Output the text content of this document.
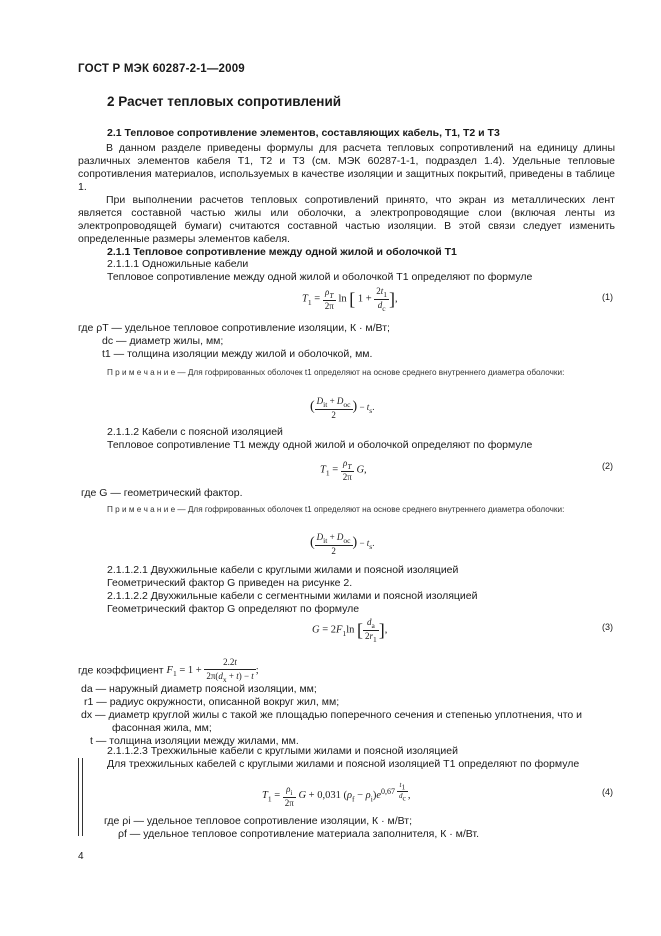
ГОСТ Р МЭК 60287-2-1—2009
2 Расчет тепловых сопротивлений
2.1 Тепловое сопротивление элементов, составляющих кабель, T1, T2 и T3
В данном разделе приведены формулы для расчета тепловых сопротивлений на единицу длины различных элементов кабеля T1, T2 и T3 (см. МЭК 60287-1-1, подраздел 1.4). Удельные тепловые сопротивления материалов, используемых в качестве изоляции и защитных покрытий, приведены в таблице 1.
При выполнении расчетов тепловых сопротивлений принято, что экран из металлических лент является составной частью жилы или оболочки, а электропроводящие слои (включая ленты из электропроводящей бумаги) считаются составной частью изоляции. В этой связи следует изменить определенные размеры элементов кабеля.
2.1.1 Тепловое сопротивление между одной жилой и оболочкой T1
2.1.1.1 Одножильные кабели
Тепловое сопротивление между одной жилой и оболочкой T1 определяют по формуле
$T_1 = \frac{\rho_T}{2\pi}$ ln [ $1 + \frac{2t_1}{d_c}$ ],	(1)
где ρT — удельное тепловое сопротивление изоляции, К · м/Вт;
dc — диаметр жилы, мм;
t1 — толщина изоляции между жилой и оболочкой, мм.
П р и м е ч а н и е — Для гофрированных оболочек t1 определяют на основе среднего внутреннего диаметра оболочки:
( $\frac{D_{it} + D_{oc}}{2}$ ) − $t_s$.
2.1.1.2 Кабели с поясной изоляцией
Тепловое сопротивление T1 между одной жилой и оболочкой определяют по формуле
$T_1 = \frac{\rho_T}{2\pi} G$,	(2)
где G — геометрический фактор.
П р и м е ч а н и е — Для гофрированных оболочек t1 определяют на основе среднего внутреннего диаметра оболочки:
( $\frac{D_{it} + D_{oc}}{2}$ ) − $t_s$.
2.1.1.2.1 Двухжильные кабели с круглыми жилами и поясной изоляцией
Геометрический фактор G приведен на рисунке 2.
2.1.1.2.2 Двухжильные кабели с сегментными жилами и поясной изоляцией
Геометрический фактор G определяют по формуле
$G = 2F_1\ln$ [ $\frac{d_a}{2r_1}$ ],	(3)
где коэффициент $F_1 = 1 + \frac{2.2t}{2\pi(d_x + t) - t}$ ;
da — наружный диаметр поясной изоляции, мм;
r1 — радиус окружности, описанной вокруг жил, мм;
dx — диаметр круглой жилы с такой же площадью поперечного сечения и степенью уплотнения, что и
фасонная жила, мм;
t — толщина изоляции между жилами, мм.
2.1.1.2.3 Трехжильные кабели с круглыми жилами и поясной изоляцией
Для трехжильных кабелей с круглыми жилами и поясной изоляцией T1 определяют по формуле
$T_1 = \frac{\rho_i}{2\pi}$ G + 0,031 $(\rho_f - \rho_i)e^{0,67 \frac{t_1}{d_c}}$ ,	(4)
где ρi — удельное тепловое сопротивление изоляции, К · м/Вт;
ρf — удельное тепловое сопротивление материала заполнителя, К · м/Вт.
4
